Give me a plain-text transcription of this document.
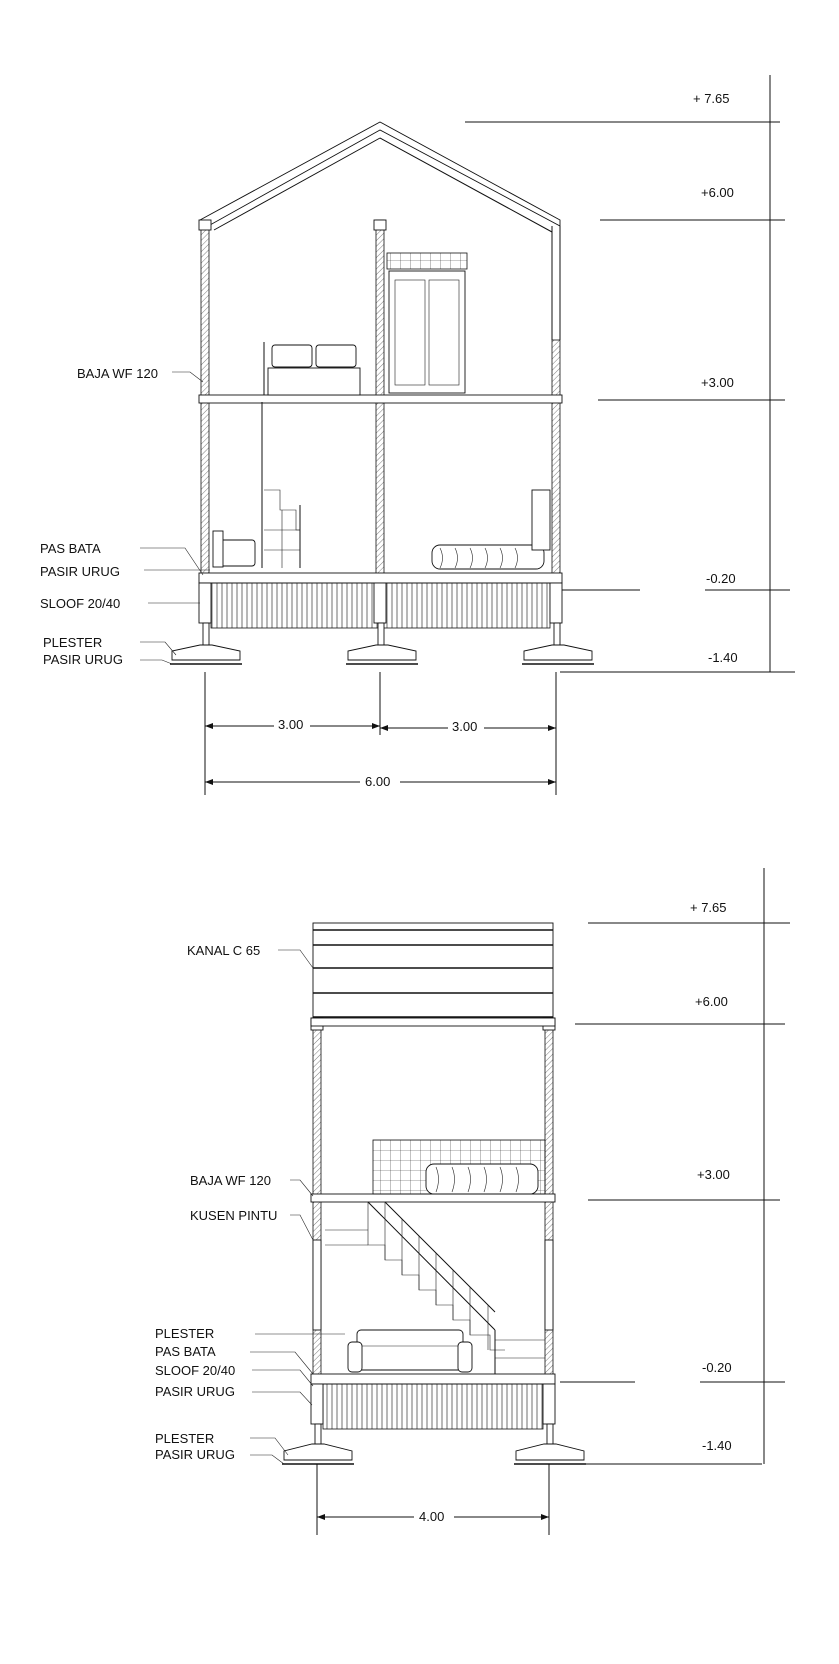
+ 7.65
+6.00
+3.00
-0.20
-1.40
BAJA WF 120
PAS BATA
PASIR URUG
SLOOF 20/40
PLESTER
PASIR URUG
3.00	3.00
6.00
+ 7.65
+6.00
+3.00
-0.20
-1.40
KANAL C 65
BAJA WF 120
KUSEN PINTU
PLESTER
PAS BATA
SLOOF 20/40
PASIR URUG
PLESTER
PASIR URUG
4.00
